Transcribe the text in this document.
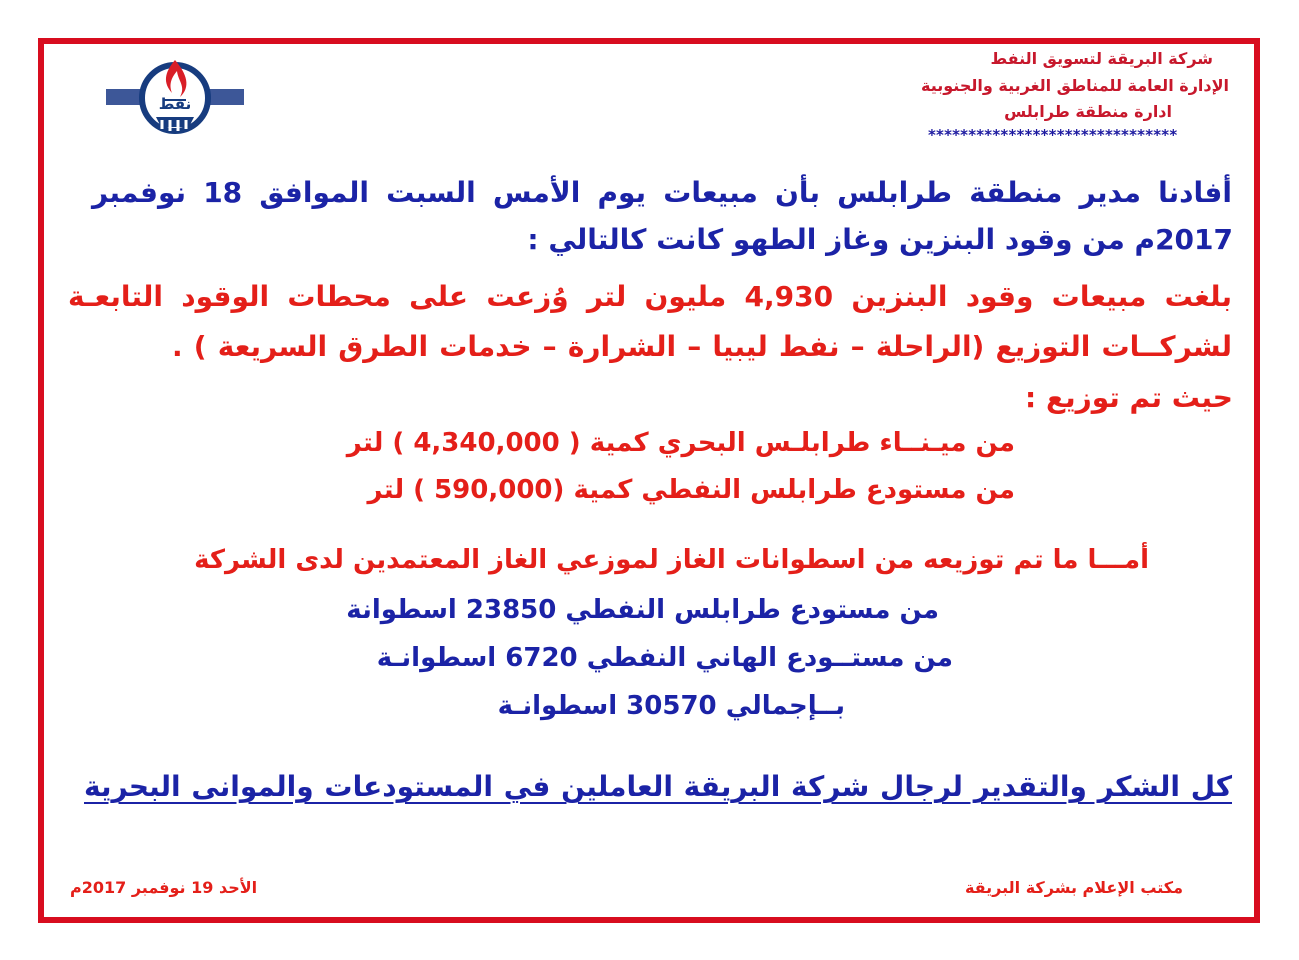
نفط
شركة البريقة لتسويق النفط
الإدارة العامة للمناطق الغربية والجنوبية
ادارة منطقة طرابلس
*******************************
أفادنا مدير منطقة طرابلس بأن مبيعات يوم الأمس السبت الموافق 18 نوفمبر
2017م من وقود البنزين وغاز الطهو كانت كالتالي :
بلغت مبيعات وقود البنزين 4,930 مليون لتر وُزعت على محطات الوقود التابعـة
لشركــات التوزيع (الراحلة – نفط ليبيا – الشرارة – خدمات الطرق السريعة ) .
حيث تم توزيع :
من ميـنــاء طرابلـس البحري كمية ( 4,340,000 ) لتر
من مستودع طرابلس النفطي كمية (590,000 ) لتر
أمـــا ما تم توزيعه من اسطوانات الغاز لموزعي الغاز المعتمدين لدى الشركة
من مستودع طرابلس النفطي 23850 اسطوانة
من مستــودع الهاني النفطي 6720 اسطوانـة
بــإجمالي 30570 اسطوانـة
كل الشكر والتقدير لرجال شركة البريقة العاملين في المستودعات والموانى البحرية
مكتب الإعلام بشركة البريقة
الأحد 19 نوفمبر 2017م
